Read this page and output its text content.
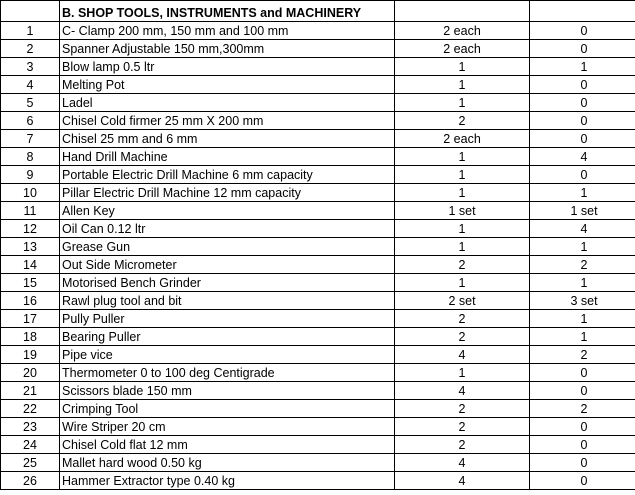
	B. SHOP TOOLS, INSTRUMENTS and MACHINERY		
1	C- Clamp 200 mm, 150 mm and 100 mm	2 each	0
2	Spanner Adjustable 150 mm,300mm	2 each	0
3	Blow lamp 0.5 ltr	1	1
4	Melting Pot	1	0
5	Ladel	1	0
6	Chisel Cold firmer 25 mm X 200 mm	2	0
7	Chisel 25 mm and 6 mm	2 each	0
8	Hand Drill Machine	1	4
9	Portable Electric Drill Machine 6 mm capacity	1	0
10	Pillar Electric Drill Machine 12 mm capacity	1	1
11	Allen Key	1 set	1 set
12	Oil Can 0.12 ltr	1	4
13	Grease Gun	1	1
14	Out Side Micrometer	2	2
15	Motorised Bench Grinder	1	1
16	Rawl plug tool and bit	2 set	3 set
17	Pully Puller	2	1
18	Bearing Puller	2	1
19	Pipe vice	4	2
20	Thermometer 0 to 100 deg Centigrade	1	0
21	Scissors blade 150 mm	4	0
22	Crimping Tool	2	2
23	Wire Striper 20 cm	2	0
24	Chisel Cold flat 12 mm	2	0
25	Mallet hard wood 0.50 kg	4	0
26	Hammer Extractor type 0.40 kg	4	0
